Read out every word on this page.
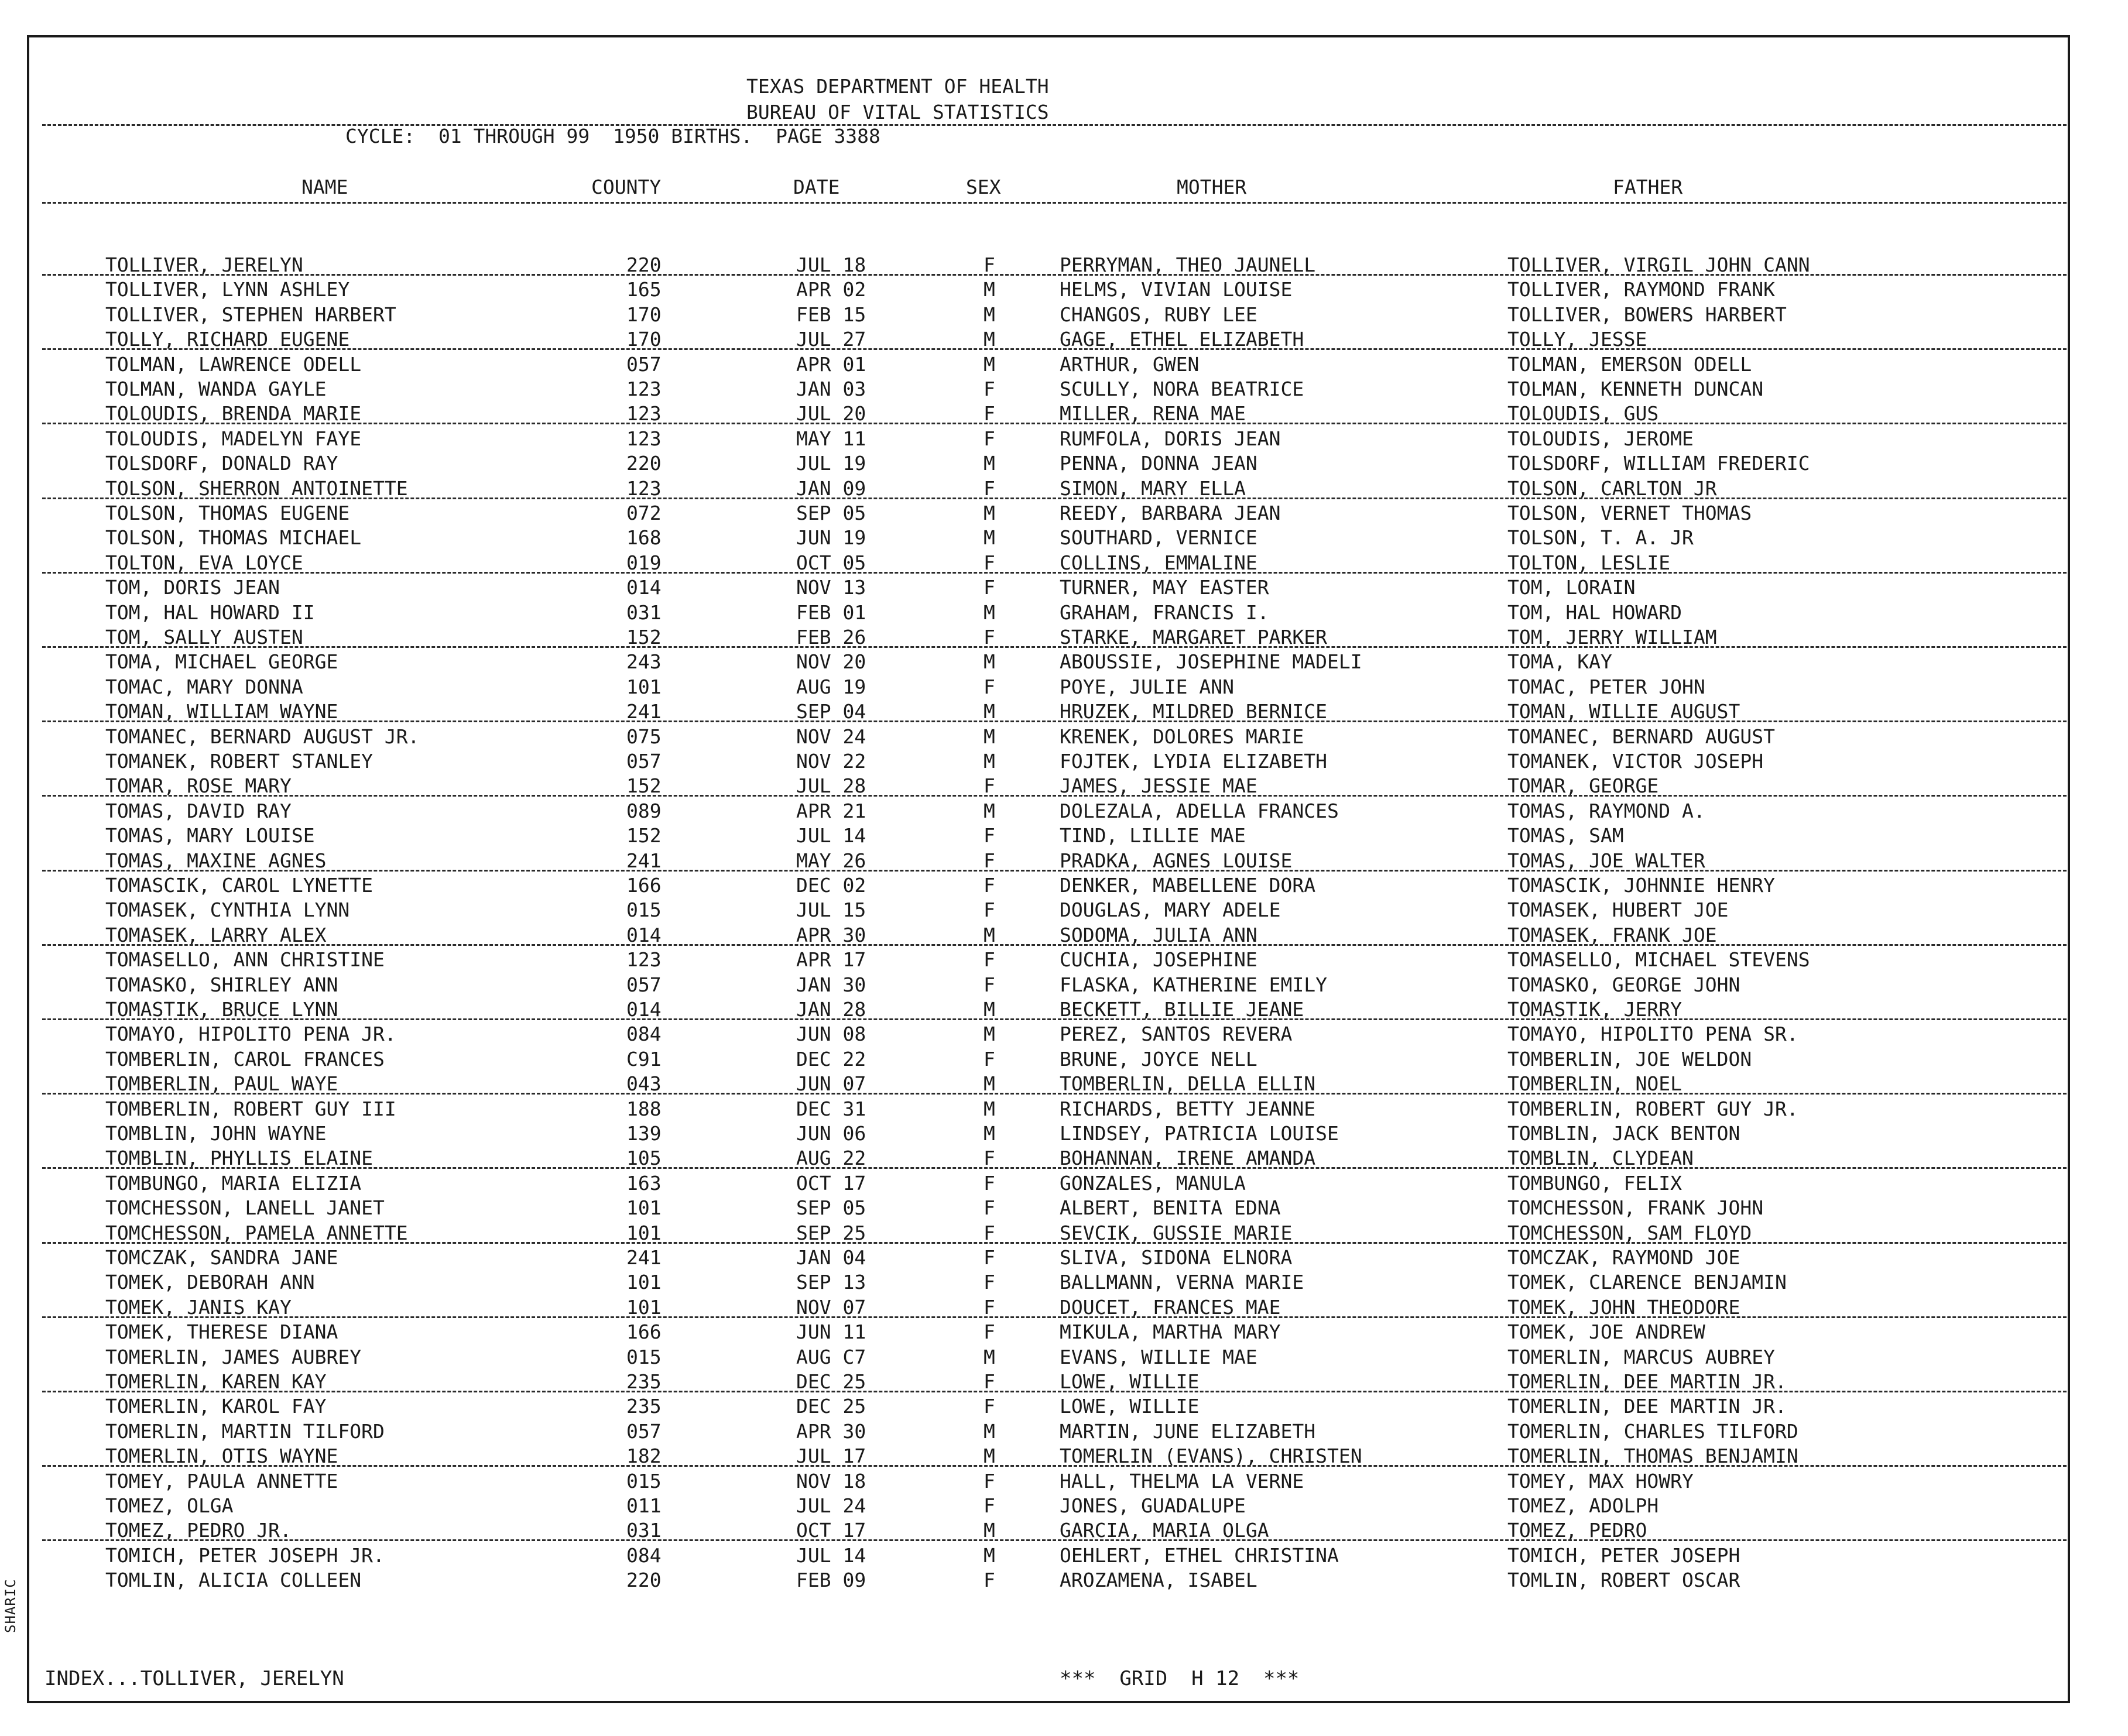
SHARIC
TEXAS DEPARTMENT OF HEALTH
BUREAU OF VITAL STATISTICS
CYCLE:  01 THROUGH 99  1950 BIRTHS.  PAGE 3388
NAME	COUNTY	DATE	SEX	MOTHER	FATHER
TOLLIVER, JERELYN	220	JUL 18	F	PERRYMAN, THEO JAUNELL	TOLLIVER, VIRGIL JOHN CANN
TOLLIVER, LYNN ASHLEY	165	APR 02	M	HELMS, VIVIAN LOUISE	TOLLIVER, RAYMOND FRANK
TOLLIVER, STEPHEN HARBERT	170	FEB 15	M	CHANGOS, RUBY LEE	TOLLIVER, BOWERS HARBERT
TOLLY, RICHARD EUGENE	170	JUL 27	M	GAGE, ETHEL ELIZABETH	TOLLY, JESSE
TOLMAN, LAWRENCE ODELL	057	APR 01	M	ARTHUR, GWEN	TOLMAN, EMERSON ODELL
TOLMAN, WANDA GAYLE	123	JAN 03	F	SCULLY, NORA BEATRICE	TOLMAN, KENNETH DUNCAN
TOLOUDIS, BRENDA MARIE	123	JUL 20	F	MILLER, RENA MAE	TOLOUDIS, GUS
TOLOUDIS, MADELYN FAYE	123	MAY 11	F	RUMFOLA, DORIS JEAN	TOLOUDIS, JEROME
TOLSDORF, DONALD RAY	220	JUL 19	M	PENNA, DONNA JEAN	TOLSDORF, WILLIAM FREDERIC
TOLSON, SHERRON ANTOINETTE	123	JAN 09	F	SIMON, MARY ELLA	TOLSON, CARLTON JR
TOLSON, THOMAS EUGENE	072	SEP 05	M	REEDY, BARBARA JEAN	TOLSON, VERNET THOMAS
TOLSON, THOMAS MICHAEL	168	JUN 19	M	SOUTHARD, VERNICE	TOLSON, T. A. JR
TOLTON, EVA LOYCE	019	OCT 05	F	COLLINS, EMMALINE	TOLTON, LESLIE
TOM, DORIS JEAN	014	NOV 13	F	TURNER, MAY EASTER	TOM, LORAIN
TOM, HAL HOWARD II	031	FEB 01	M	GRAHAM, FRANCIS I.	TOM, HAL HOWARD
TOM, SALLY AUSTEN	152	FEB 26	F	STARKE, MARGARET PARKER	TOM, JERRY WILLIAM
TOMA, MICHAEL GEORGE	243	NOV 20	M	ABOUSSIE, JOSEPHINE MADELI	TOMA, KAY
TOMAC, MARY DONNA	101	AUG 19	F	POYE, JULIE ANN	TOMAC, PETER JOHN
TOMAN, WILLIAM WAYNE	241	SEP 04	M	HRUZEK, MILDRED BERNICE	TOMAN, WILLIE AUGUST
TOMANEC, BERNARD AUGUST JR.	075	NOV 24	M	KRENEK, DOLORES MARIE	TOMANEC, BERNARD AUGUST
TOMANEK, ROBERT STANLEY	057	NOV 22	M	FOJTEK, LYDIA ELIZABETH	TOMANEK, VICTOR JOSEPH
TOMAR, ROSE MARY	152	JUL 28	F	JAMES, JESSIE MAE	TOMAR, GEORGE
TOMAS, DAVID RAY	089	APR 21	M	DOLEZALA, ADELLA FRANCES	TOMAS, RAYMOND A.
TOMAS, MARY LOUISE	152	JUL 14	F	TIND, LILLIE MAE	TOMAS, SAM
TOMAS, MAXINE AGNES	241	MAY 26	F	PRADKA, AGNES LOUISE	TOMAS, JOE WALTER
TOMASCIK, CAROL LYNETTE	166	DEC 02	F	DENKER, MABELLENE DORA	TOMASCIK, JOHNNIE HENRY
TOMASEK, CYNTHIA LYNN	015	JUL 15	F	DOUGLAS, MARY ADELE	TOMASEK, HUBERT JOE
TOMASEK, LARRY ALEX	014	APR 30	M	SODOMA, JULIA ANN	TOMASEK, FRANK JOE
TOMASELLO, ANN CHRISTINE	123	APR 17	F	CUCHIA, JOSEPHINE	TOMASELLO, MICHAEL STEVENS
TOMASKO, SHIRLEY ANN	057	JAN 30	F	FLASKA, KATHERINE EMILY	TOMASKO, GEORGE JOHN
TOMASTIK, BRUCE LYNN	014	JAN 28	M	BECKETT, BILLIE JEANE	TOMASTIK, JERRY
TOMAYO, HIPOLITO PENA JR.	084	JUN 08	M	PEREZ, SANTOS REVERA	TOMAYO, HIPOLITO PENA SR.
TOMBERLIN, CAROL FRANCES	C91	DEC 22	F	BRUNE, JOYCE NELL	TOMBERLIN, JOE WELDON
TOMBERLIN, PAUL WAYE	043	JUN 07	M	TOMBERLIN, DELLA ELLIN	TOMBERLIN, NOEL
TOMBERLIN, ROBERT GUY III	188	DEC 31	M	RICHARDS, BETTY JEANNE	TOMBERLIN, ROBERT GUY JR.
TOMBLIN, JOHN WAYNE	139	JUN 06	M	LINDSEY, PATRICIA LOUISE	TOMBLIN, JACK BENTON
TOMBLIN, PHYLLIS ELAINE	105	AUG 22	F	BOHANNAN, IRENE AMANDA	TOMBLIN, CLYDEAN
TOMBUNGO, MARIA ELIZIA	163	OCT 17	F	GONZALES, MANULA	TOMBUNGO, FELIX
TOMCHESSON, LANELL JANET	101	SEP 05	F	ALBERT, BENITA EDNA	TOMCHESSON, FRANK JOHN
TOMCHESSON, PAMELA ANNETTE	101	SEP 25	F	SEVCIK, GUSSIE MARIE	TOMCHESSON, SAM FLOYD
TOMCZAK, SANDRA JANE	241	JAN 04	F	SLIVA, SIDONA ELNORA	TOMCZAK, RAYMOND JOE
TOMEK, DEBORAH ANN	101	SEP 13	F	BALLMANN, VERNA MARIE	TOMEK, CLARENCE BENJAMIN
TOMEK, JANIS KAY	101	NOV 07	F	DOUCET, FRANCES MAE	TOMEK, JOHN THEODORE
TOMEK, THERESE DIANA	166	JUN 11	F	MIKULA, MARTHA MARY	TOMEK, JOE ANDREW
TOMERLIN, JAMES AUBREY	015	AUG C7	M	EVANS, WILLIE MAE	TOMERLIN, MARCUS AUBREY
TOMERLIN, KAREN KAY	235	DEC 25	F	LOWE, WILLIE	TOMERLIN, DEE MARTIN JR.
TOMERLIN, KAROL FAY	235	DEC 25	F	LOWE, WILLIE	TOMERLIN, DEE MARTIN JR.
TOMERLIN, MARTIN TILFORD	057	APR 30	M	MARTIN, JUNE ELIZABETH	TOMERLIN, CHARLES TILFORD
TOMERLIN, OTIS WAYNE	182	JUL 17	M	TOMERLIN (EVANS), CHRISTEN	TOMERLIN, THOMAS BENJAMIN
TOMEY, PAULA ANNETTE	015	NOV 18	F	HALL, THELMA LA VERNE	TOMEY, MAX HOWRY
TOMEZ, OLGA	011	JUL 24	F	JONES, GUADALUPE	TOMEZ, ADOLPH
TOMEZ, PEDRO JR.	031	OCT 17	M	GARCIA, MARIA OLGA	TOMEZ, PEDRO
TOMICH, PETER JOSEPH JR.	084	JUL 14	M	OEHLERT, ETHEL CHRISTINA	TOMICH, PETER JOSEPH
TOMLIN, ALICIA COLLEEN	220	FEB 09	F	AROZAMENA, ISABEL	TOMLIN, ROBERT OSCAR
INDEX...TOLLIVER, JERELYN	***  GRID  H 12  ***
